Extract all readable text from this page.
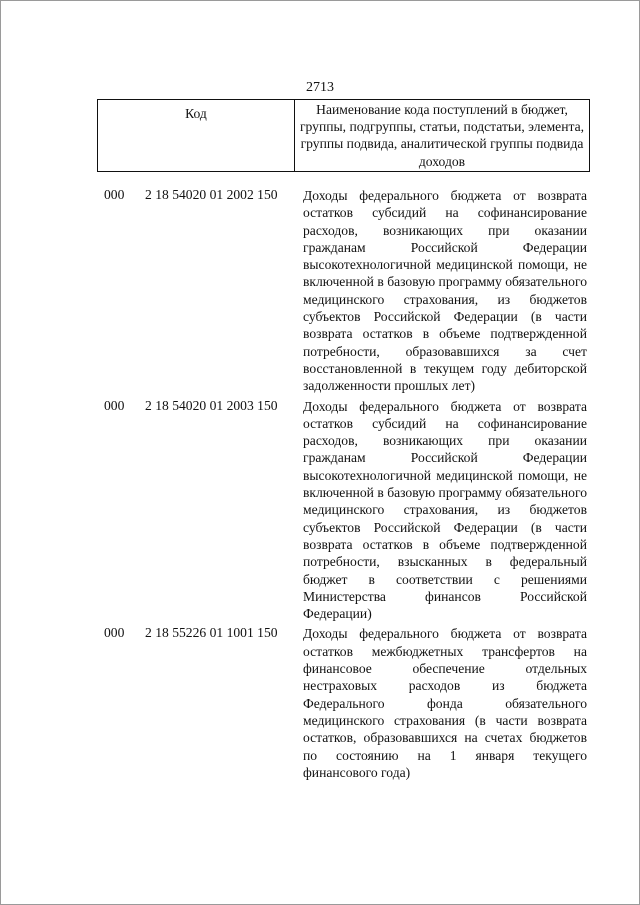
2713
Код	Наименование кода поступлений в бюджет, группы, подгруппы, статьи, подстатьи, элемента, группы подвида, аналитической группы подвида доходов
000	2 18 54020 01 2002 150	Доходы федерального бюджета от возврата остатков субсидий на софинансирование расходов, возникающих при оказании гражданам Российской Федерации высокотехнологичной медицинской помощи, не включенной в базовую программу обязательного медицинского страхования, из бюджетов субъектов Российской Федерации (в части возврата остатков в объеме подтвержденной потребности, образовавшихся за счет восстановленной в текущем году дебиторской задолженности прошлых лет)
000	2 18 54020 01 2003 150	Доходы федерального бюджета от возврата остатков субсидий на софинансирование расходов, возникающих при оказании гражданам Российской Федерации высокотехнологичной медицинской помощи, не включенной в базовую программу обязательного медицинского страхования, из бюджетов субъектов Российской Федерации (в части возврата остатков в объеме подтвержденной потребности, взысканных в федеральный бюджет в соответствии с решениями Министерства финансов Российской Федерации)
000	2 18 55226 01 1001 150	Доходы федерального бюджета от возврата остатков межбюджетных трансфертов на финансовое обеспечение отдельных нестраховых расходов из бюджета Федерального фонда обязательного медицинского страхования (в части возврата остатков, образовавшихся на счетах бюджетов по состоянию на 1 января текущего финансового года)
